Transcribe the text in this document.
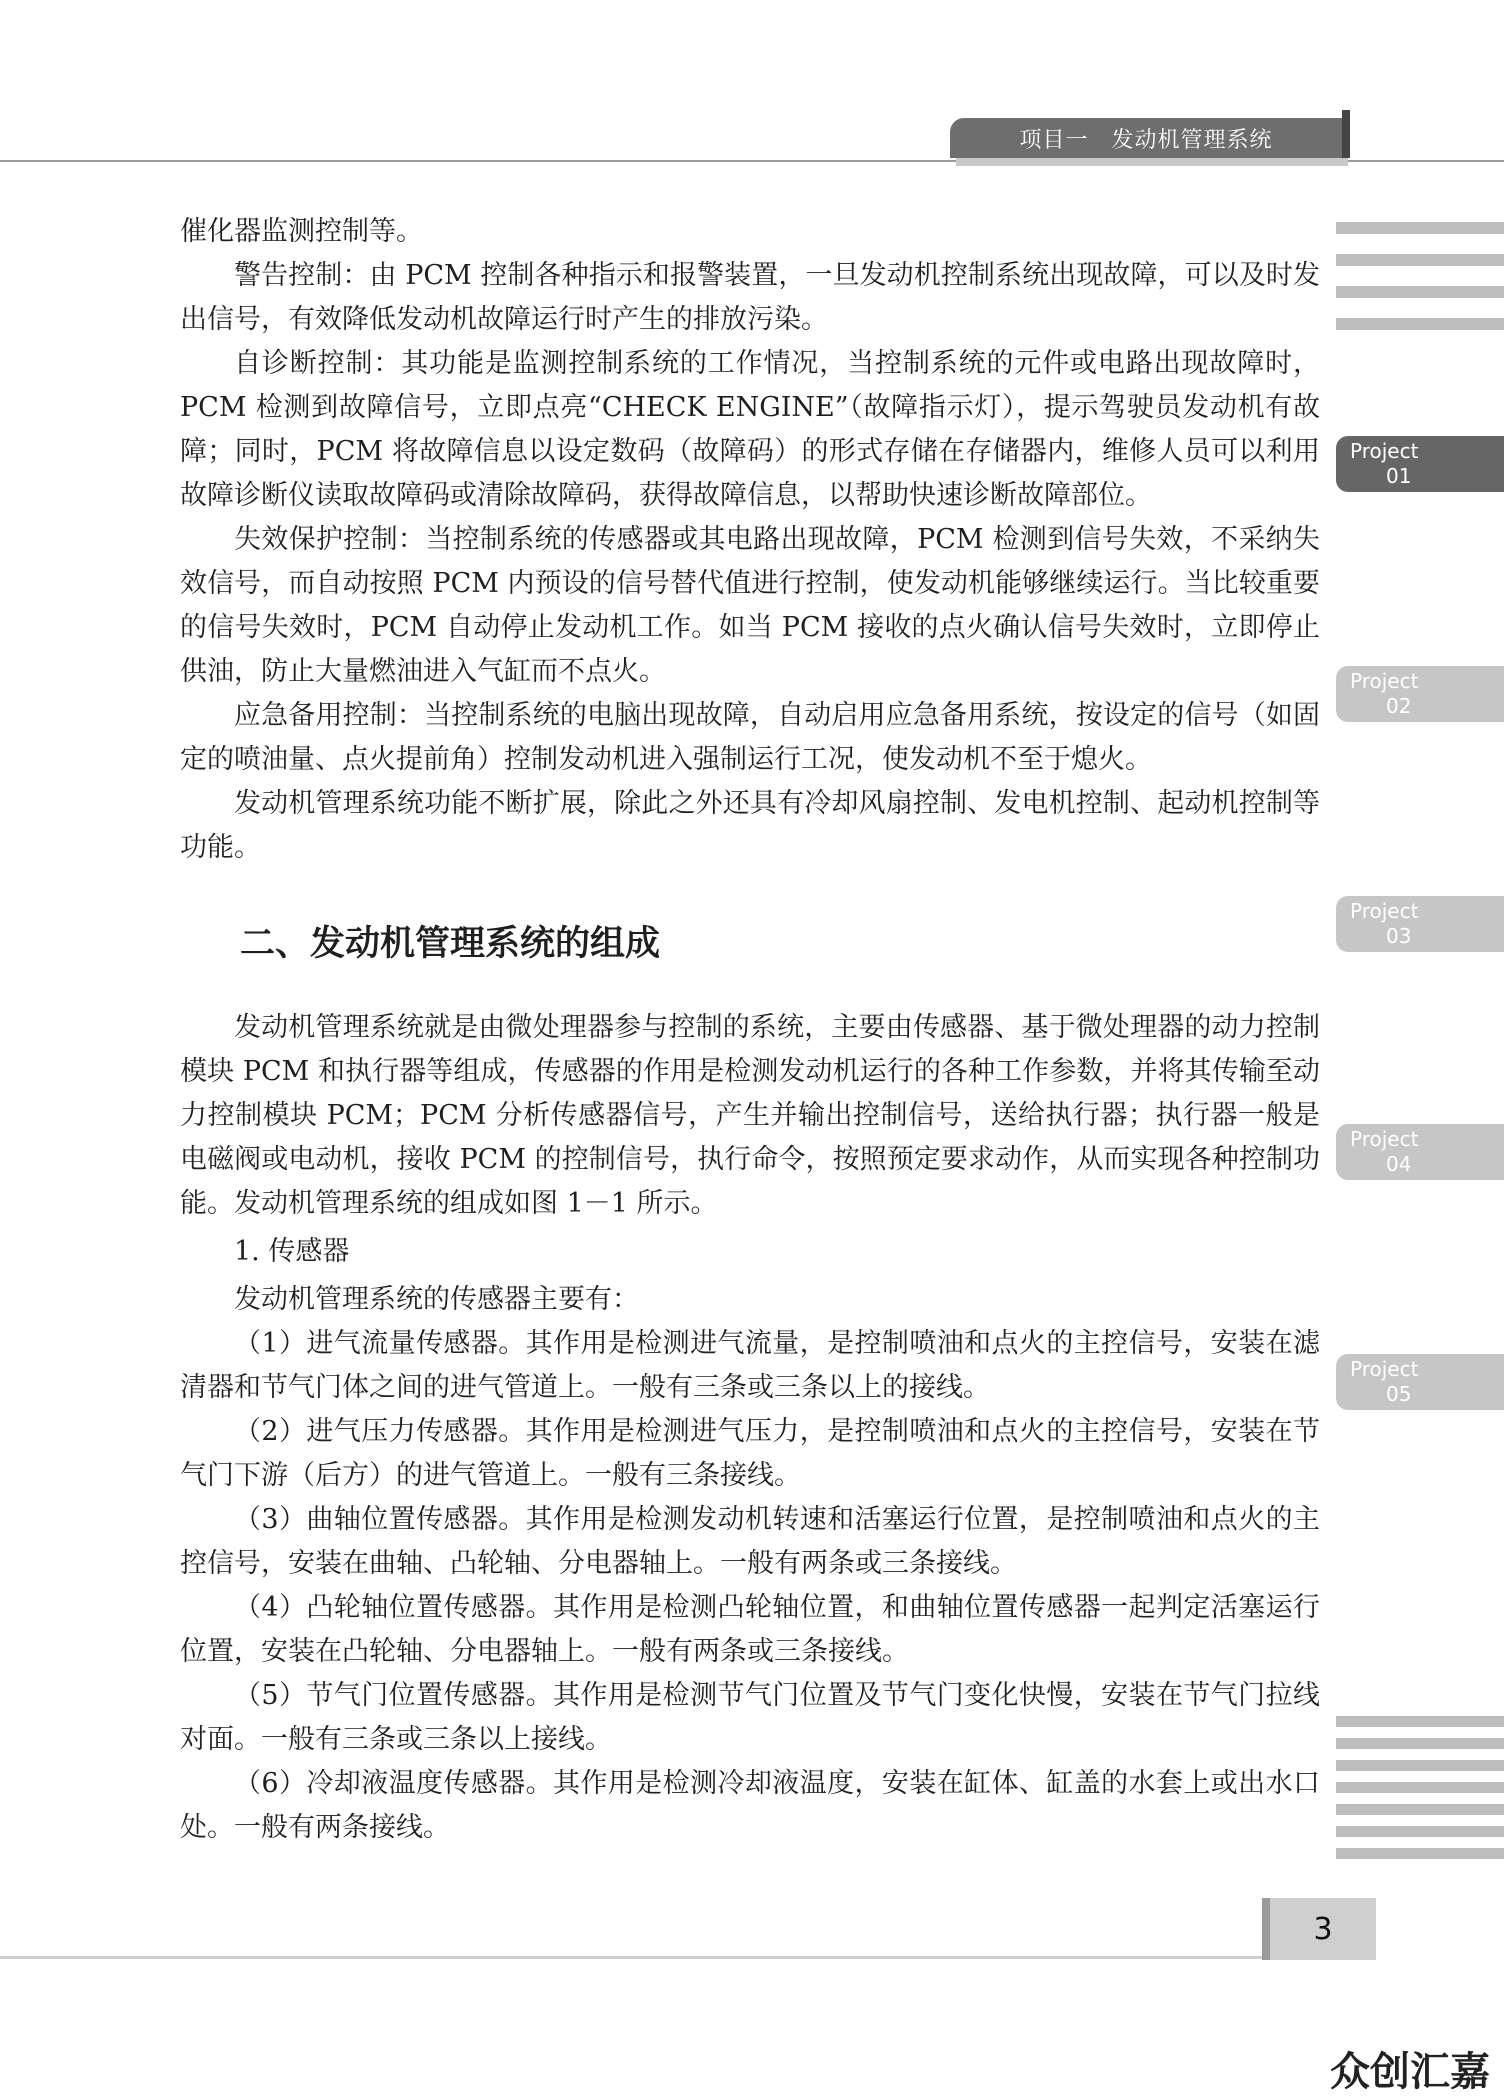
项目一　发动机管理系统
Project
01
Project
02
Project
03
Project
04
Project
05

催化器监测控制等。

警告控制：由 PCM 控制各种指示和报警装置，一旦发动机控制系统出现故障，可以及时发出信号，有效降低发动机故障运行时产生的排放污染。

自诊断控制：其功能是监测控制系统的工作情况，当控制系统的元件或电路出现故障时，PCM 检测到故障信号，立即点亮“CHECK ENGINE”（故障指示灯），提示驾驶员发动机有故障；同时，PCM 将故障信息以设定数码（故障码）的形式存储在存储器内，维修人员可以利用故障诊断仪读取故障码或清除故障码，获得故障信息，以帮助快速诊断故障部位。

失效保护控制：当控制系统的传感器或其电路出现故障，PCM 检测到信号失效，不采纳失效信号，而自动按照 PCM 内预设的信号替代值进行控制，使发动机能够继续运行。当比较重要的信号失效时，PCM 自动停止发动机工作。如当 PCM 接收的点火确认信号失效时，立即停止供油，防止大量燃油进入气缸而不点火。

应急备用控制：当控制系统的电脑出现故障，自动启用应急备用系统，按设定的信号（如固定的喷油量、点火提前角）控制发动机进入强制运行工况，使发动机不至于熄火。

发动机管理系统功能不断扩展，除此之外还具有冷却风扇控制、发电机控制、起动机控制等功能。

二、发动机管理系统的组成

发动机管理系统就是由微处理器参与控制的系统，主要由传感器、基于微处理器的动力控制模块 PCM 和执行器等组成，传感器的作用是检测发动机运行的各种工作参数，并将其传输至动力控制模块 PCM；PCM 分析传感器信号，产生并输出控制信号，送给执行器；执行器一般是电磁阀或电动机，接收 PCM 的控制信号，执行命令，按照预定要求动作，从而实现各种控制功能。发动机管理系统的组成如图 1－1 所示。

1. 传感器

发动机管理系统的传感器主要有：

（1）进气流量传感器。其作用是检测进气流量，是控制喷油和点火的主控信号，安装在滤清器和节气门体之间的进气管道上。一般有三条或三条以上的接线。

（2）进气压力传感器。其作用是检测进气压力，是控制喷油和点火的主控信号，安装在节气门下游（后方）的进气管道上。一般有三条接线。

（3）曲轴位置传感器。其作用是检测发动机转速和活塞运行位置，是控制喷油和点火的主控信号，安装在曲轴、凸轮轴、分电器轴上。一般有两条或三条接线。

（4）凸轮轴位置传感器。其作用是检测凸轮轴位置，和曲轴位置传感器一起判定活塞运行位置，安装在凸轮轴、分电器轴上。一般有两条或三条接线。

（5）节气门位置传感器。其作用是检测节气门位置及节气门变化快慢，安装在节气门拉线对面。一般有三条或三条以上接线。

（6）冷却液温度传感器。其作用是检测冷却液温度，安装在缸体、缸盖的水套上或出水口处。一般有两条接线。

3
众创汇嘉
